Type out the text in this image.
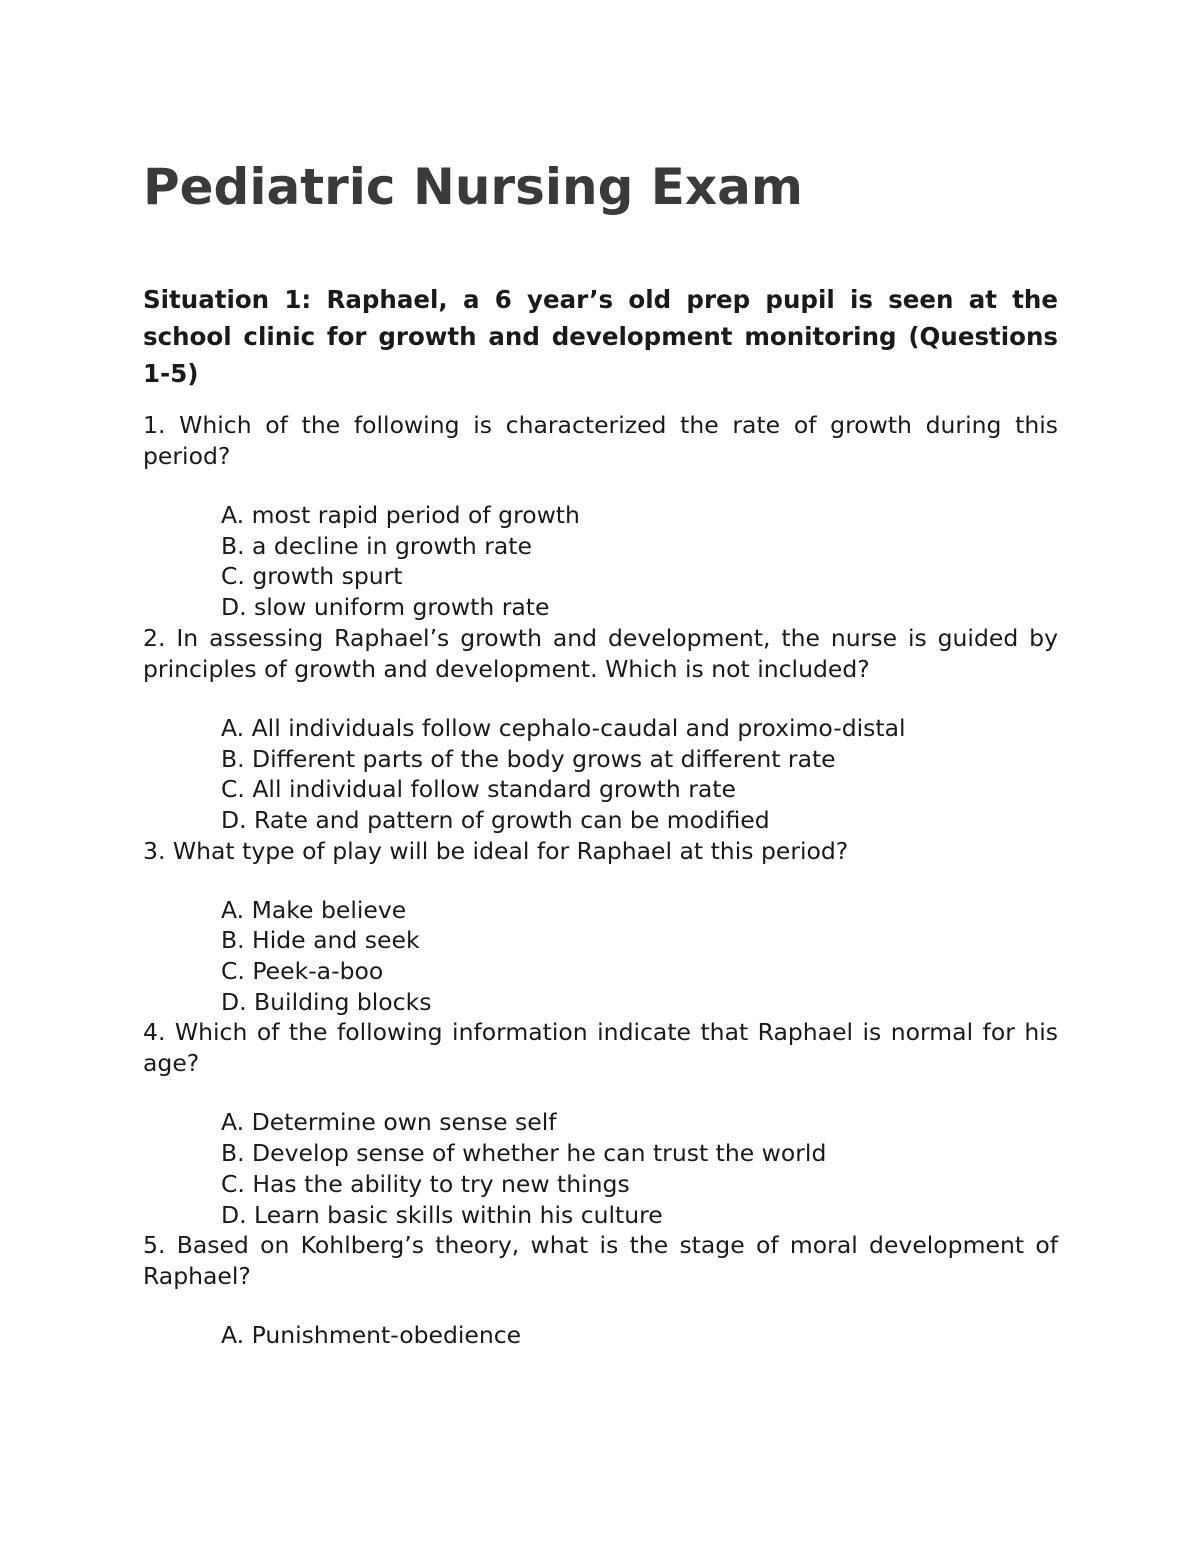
Pediatric Nursing Exam

Situation 1: Raphael, a 6 year’s old prep pupil is seen at the school clinic for growth and development monitoring (Questions 1-5)

1. Which of the following is characterized the rate of growth during this period?

A. most rapid period of growth
B. a decline in growth rate
C. growth spurt
D. slow uniform growth rate

2. In assessing Raphael’s growth and development, the nurse is guided by principles of growth and development. Which is not included?

A. All individuals follow cephalo-caudal and proximo-distal
B. Different parts of the body grows at different rate
C. All individual follow standard growth rate
D. Rate and pattern of growth can be modified

3. What type of play will be ideal for Raphael at this period?

A. Make believe
B. Hide and seek
C. Peek-a-boo
D. Building blocks

4. Which of the following information indicate that Raphael is normal for his age?

A. Determine own sense self
B. Develop sense of whether he can trust the world
C. Has the ability to try new things
D. Learn basic skills within his culture

5. Based on Kohlberg’s theory, what is the stage of moral development of Raphael?

A. Punishment-obedience
